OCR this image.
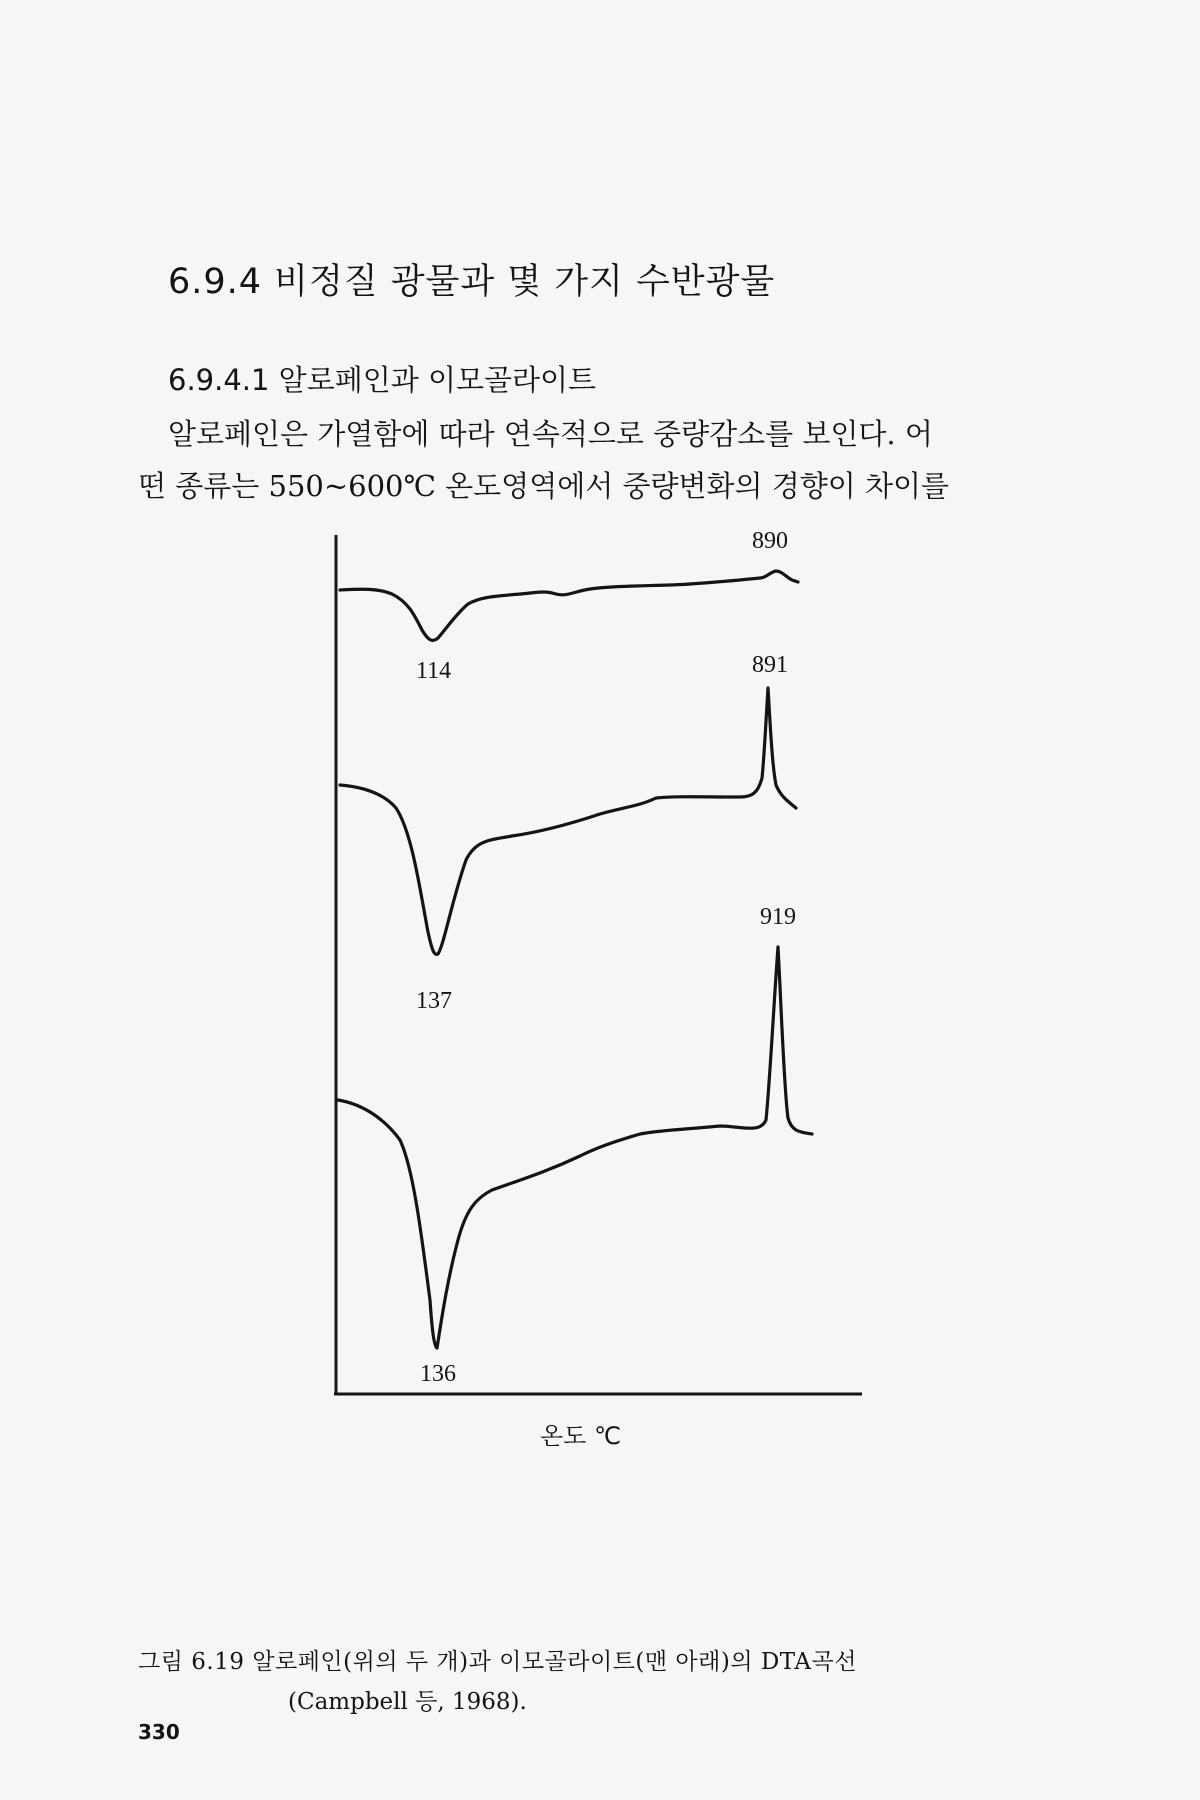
6.9.4 비정질 광물과 몇 가지 수반광물
6.9.4.1 알로페인과 이모골라이트
알로페인은 가열함에 따라 연속적으로 중량감소를 보인다. 어
떤 종류는 550~600℃ 온도영역에서 중량변화의 경향이 차이를
890
114	891
919
137
136
온도 ℃
그림 6.19 알로페인(위의 두 개)과 이모골라이트(맨 아래)의 DTA곡선
(Campbell 등, 1968).
330
